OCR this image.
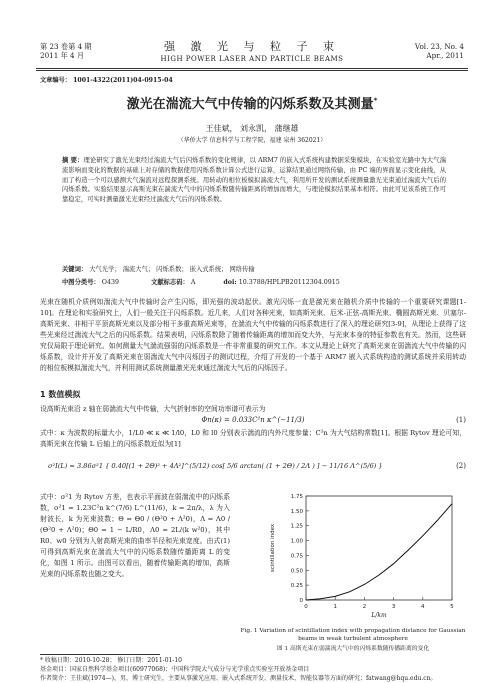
第 23 卷第 4 期
2011 年 4 月
强 激 光 与 粒 子 束
HIGH POWER LASER AND PARTICLE BEAMS
Vol. 23, No. 4
Apr., 2011
文章编号： 1001-4322(2011)04-0915-04
激光在湍流大气中传输的闪烁系数及其测量*
王佳斌， 刘永凯， 蒲继雄
（华侨大学 信息科学与工程学院，福建 泉州 362021）
摘 要：理论研究了激光光束经过湍流大气后闪烁系数的变化规律，以 ARM7 的嵌入式系统构建数据采集模块，在实验室光路中为大气湍流影响而变化的数据的基础上对存储的数据使用闪烁系数计算公式进行运算，运算结果通过网络传输，由 PC 端的界面显示变化曲线，从而了构造一个可以感测大气湍流对远程探测系统。用转动的相位板模拟湍流大气，利用所开发的测试系统测量激光光束通过湍流大气后的闪烁系数。实验结果显示高斯光束在湍流大气中的闪烁系数随传输距离的增加而增大，与理论模拟结果基本相符。由此可见该系统工作可靠稳定，可实时测量激光光束经过湍流大气后的闪烁系数。
关键词： 大气光学； 湍流大气； 闪烁系数； 嵌入式系统； 网络传输
中图分类号： O439	文献标志码： A	doi: 10.3788/HPLPB20112304.0915
光束在随机介质例如湍流大气中传输时会产生闪烁，即光强的波动起伏。激光闪烁一直是激光束在随机介质中传输的一个重要研究课题[1-10]。在理论和实验研究上，人们一般关注于闪烁系数。近几来，人们对各种光束，如高斯光束、厄米-正弦-高斯光束、椭圆高斯光束、贝塞尔-高斯光束、非相干平顶高斯光束以及部分相干多重高斯光束等，在湍流大气中传输的闪烁系数进行了深入的理论研究[3-9]，从理论上获得了这些光束经过湍流大气之后的闪烁系数。结果表明，闪烁系数除了随着传输距离的增加而变大外，与光束本身的特征参数也有关。然而，这些研究仅局限于理论研究。如何测量大气湍流强弱的闪烁系数是一件非常重要的研究工作。本文从理论上研究了高斯光束在弱湍流大气中传输的闪烁系数，设计并开发了高斯光束在弱湍流大气中闪烁因子的测试过程，介绍了开发的一个基于 ARM7 嵌入式系统构造的测试系统并采用转动的相位板模拟湍流大气，并利用测试系统测量激光光束通过湍流大气后的闪烁因子。
1 数值模拟
设高斯光束沿 z 轴在弱湍流大气中传输，大气折射率的空间功率谱可表示为
Φn(κ) = 0.033C²n κ^(−11/3)	(1)
式中：κ 为波数的标量大小，1/L0 ≪ κ ≪ 1/l0，L0 和 l0 分别表示湍流的内外尺度参量；C²n 为大气结构常数[1]。根据 Rytov 理论可知，高斯光束在传输 L 后轴上的闪烁系数近似为[1]
σ²I(L) = 3.86σ²1 { 0.40[(1 + 2Θ)² + 4Λ²]^(5/12) cos[ 5/6 arctan( (1 + 2Θ) / 2Λ ) ] − 11/16 Λ^(5/6) }	(2)
式中：σ²1 为 Rytov 方差，也表示平面波在弱湍流中的闪烁系数，σ²1 = 1.23C²n k^(7/6) L^(11/6)，k = 2π/λ，λ 为入射波长，k 为光束波数；Θ = Θ0 / (Θ²0 + Λ²0)，Λ = Λ0 / (Θ²0 + Λ²0)；Θ0 = 1 − L/R0，Λ0 = 2L/(k w²0)，其中 R0、w0 分别为入射高斯光束的曲率半径和光束宽度。由式(1)可得到高斯光束在湍流大气中的闪烁系数随传播距离 L 的变化，如图 1 所示。由图可以看出，随着传输距离的增加，高斯光束的闪烁系数也随之变大。
0
0.25
0.50
0.75
1.00
1.25
1.50
1.75
0	1	2	3	4	5
L/km
scintillation index
Fig. 1 Variation of scintillation index with propagation distance for Gaussian beams in weak turbulent atmosphere
图 1 高斯光束在弱湍流大气中的闪烁系数随传播距离的变化
* 收稿日期：2010-10-28； 修订日期：2011-01-10
基金项目：国家自然科学基金项目(60977068)；中国科学院大气成分与光学重点实验室开放基金项目
作者简介：王佳斌(1974—)，男，博士研究生，主要从事激光应用、嵌入式系统开发、测量技术、智能仪器等方面的研究；fatwang@hqu.edu.cn。
